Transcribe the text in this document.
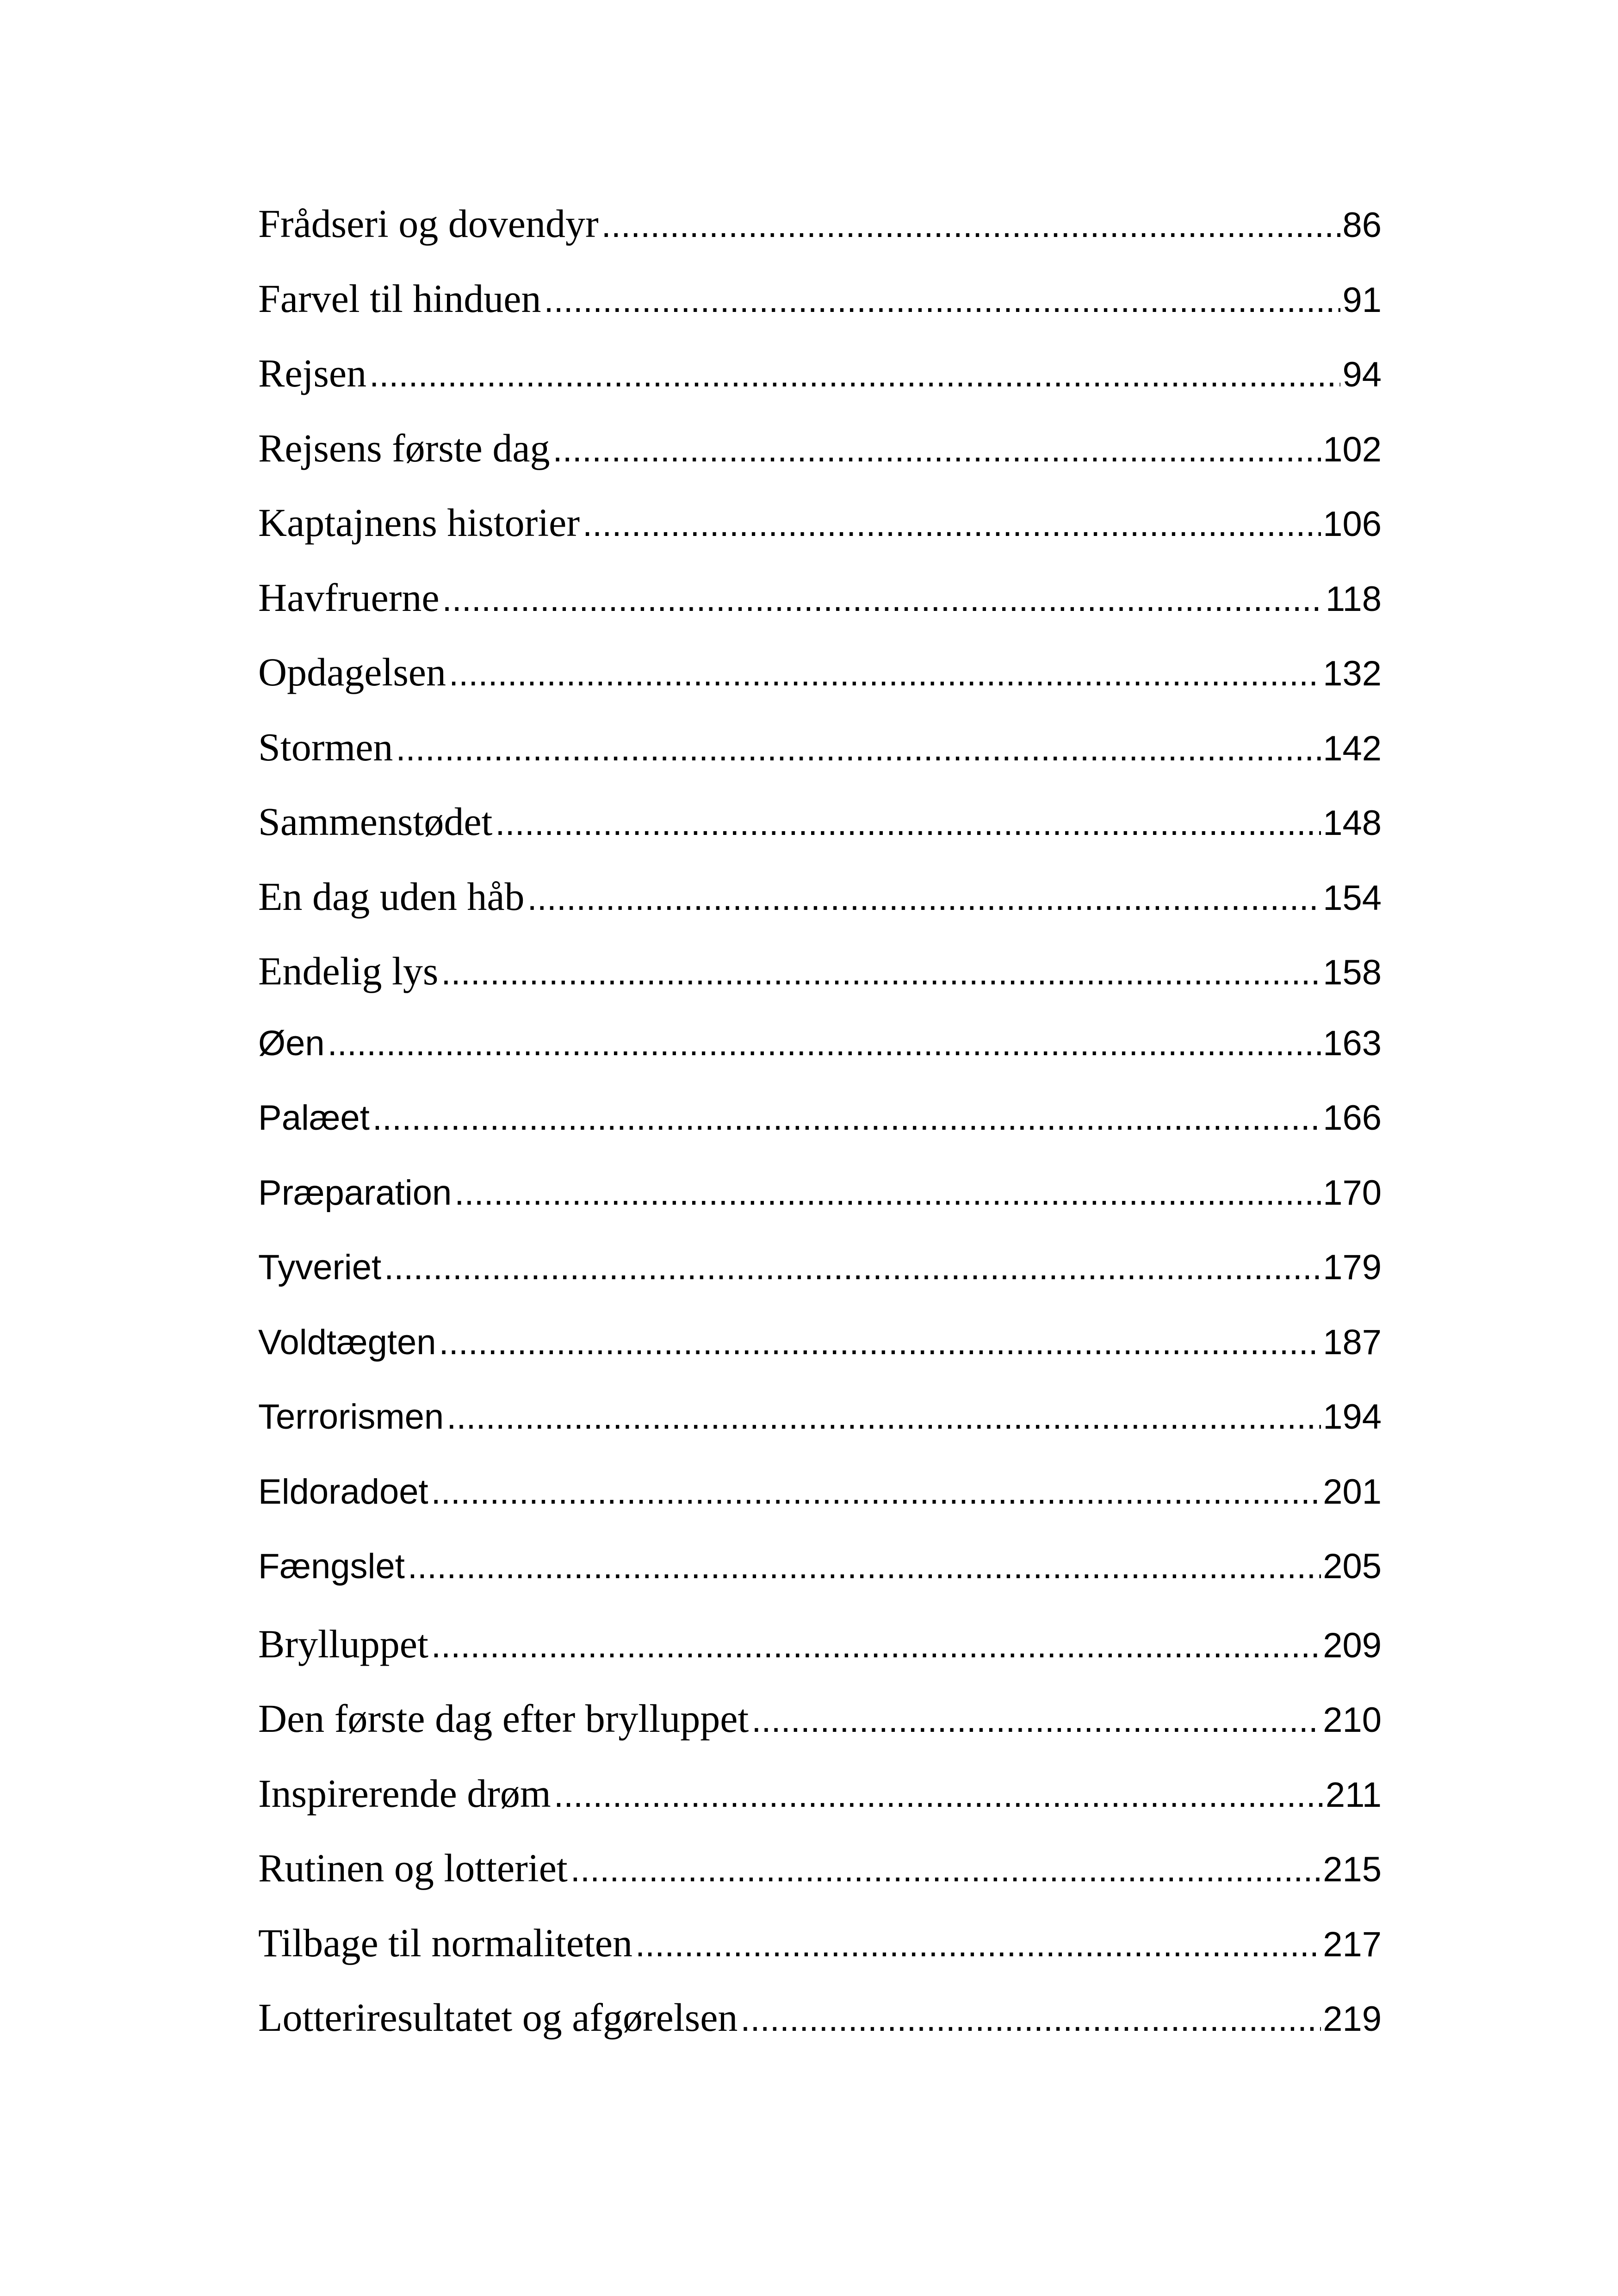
Frådseri og dovendyr .....	86
Farvel til hinduen .....	91
Rejsen .....	94
Rejsens første dag .....	102
Kaptajnens historier .....	106
Havfruerne .....	118
Opdagelsen .....	132
Stormen .....	142
Sammenstødet .....	148
En dag uden håb .....	154
Endelig lys .....	158
Øen .....	163
Palæet .....	166
Præparation .....	170
Tyveriet .....	179
Voldtægten .....	187
Terrorismen .....	194
Eldoradoet .....	201
Fængslet .....	205
Brylluppet .....	209
Den første dag efter brylluppet .....	210
Inspirerende drøm .....	211
Rutinen og lotteriet .....	215
Tilbage til normaliteten .....	217
Lotteriresultatet og afgørelsen .....	219
